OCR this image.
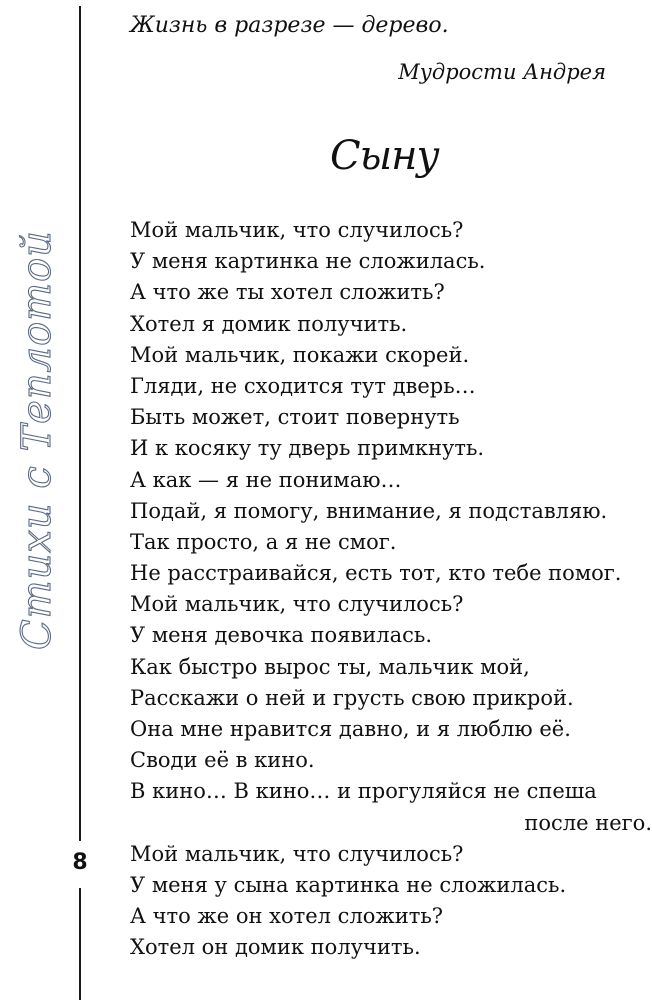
8
Стихи с Теплотой
Жизнь в разрезе — дерево.
Мудрости Андрея
Сыну
Мой мальчик, что случилось?
У меня картинка не сложилась.
А что же ты хотел сложить?
Хотел я домик получить.
Мой мальчик, покажи скорей.
Гляди, не сходится тут дверь…
Быть может, стоит повернуть
И к косяку ту дверь примкнуть.
А как — я не понимаю…
Подай, я помогу, внимание, я подставляю.
Так просто, а я не смог.
Не расстраивайся, есть тот, кто тебе помог.
Мой мальчик, что случилось?
У меня девочка появилась.
Как быстро вырос ты, мальчик мой,
Расскажи о ней и грусть свою прикрой.
Она мне нравится давно, и я люблю её.
Своди её в кино.
В кино… В кино… и прогуляйся не спеша
после него.
Мой мальчик, что случилось?
У меня у сына картинка не сложилась.
А что же он хотел сложить?
Хотел он домик получить.
